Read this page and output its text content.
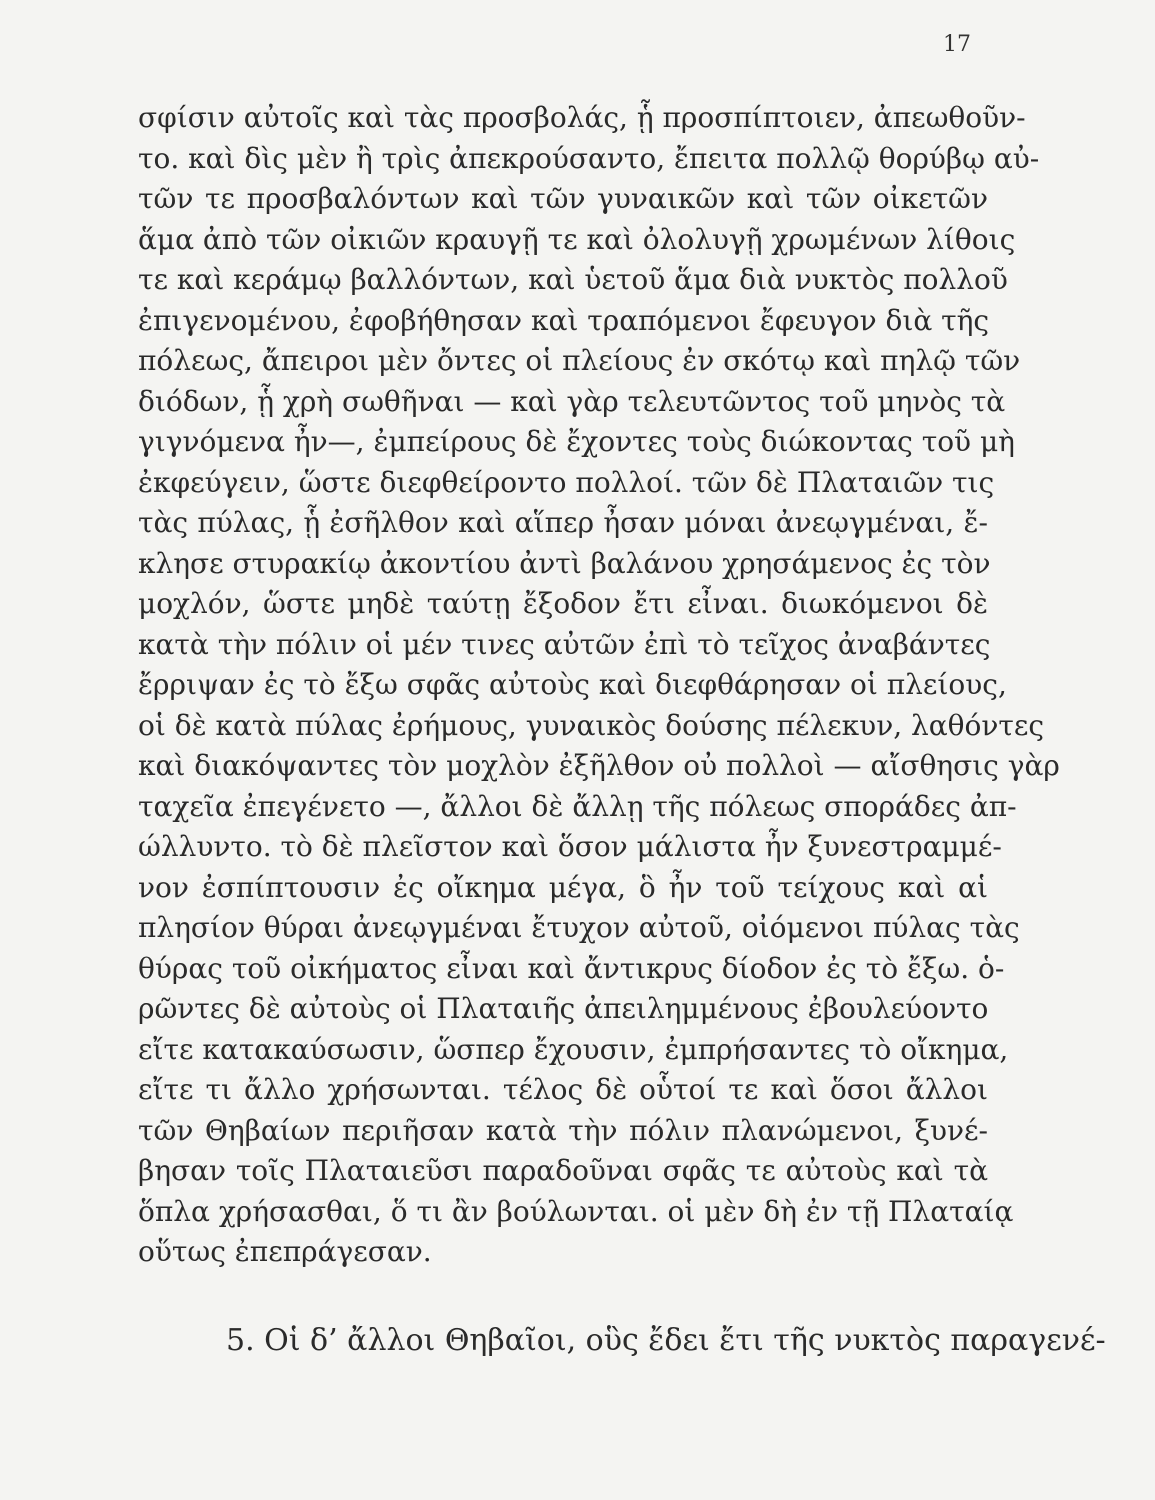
17
σφίσιν αὐτοῖς καὶ τὰς προσβολάς, ᾗ προσπίπτοιεν, ἀπεωθοῦν-
το. καὶ δὶς μὲν ἢ τρὶς ἀπεκρούσαντο, ἔπειτα πολλῷ θορύβῳ αὐ-
τῶν τε προσβαλόντων καὶ τῶν γυναικῶν καὶ τῶν οἰκετῶν
ἅμα ἀπὸ τῶν οἰκιῶν κραυγῇ τε καὶ ὀλολυγῇ χρωμένων λίθοις
τε καὶ κεράμῳ βαλλόντων, καὶ ὑετοῦ ἅμα διὰ νυκτὸς πολλοῦ
ἐπιγενομένου, ἐφοβήθησαν καὶ τραπόμενοι ἔφευγον διὰ τῆς
πόλεως, ἄπειροι μὲν ὄντες οἱ πλείους ἐν σκότῳ καὶ πηλῷ τῶν
διόδων, ᾗ χρὴ σωθῆναι — καὶ γὰρ τελευτῶντος τοῦ μηνὸς τὰ
γιγνόμενα ἦν—, ἐμπείρους δὲ ἔχοντες τοὺς διώκοντας τοῦ μὴ
ἐκφεύγειν, ὥστε διεφθείροντο πολλοί. τῶν δὲ Πλαταιῶν τις
τὰς πύλας, ᾗ ἐσῆλθον καὶ αἵπερ ἦσαν μόναι ἀνεῳγμέναι, ἔ-
κλησε στυρακίῳ ἀκοντίου ἀντὶ βαλάνου χρησάμενος ἐς τὸν
μοχλόν, ὥστε μηδὲ ταύτῃ ἔξοδον ἔτι εἶναι. διωκόμενοι δὲ
κατὰ τὴν πόλιν οἱ μέν τινες αὐτῶν ἐπὶ τὸ τεῖχος ἀναβάντες
ἔρριψαν ἐς τὸ ἔξω σφᾶς αὐτοὺς καὶ διεφθάρησαν οἱ πλείους,
οἱ δὲ κατὰ πύλας ἐρήμους, γυναικὸς δούσης πέλεκυν, λαθόντες
καὶ διακόψαντες τὸν μοχλὸν ἐξῆλθον οὐ πολλοὶ — αἴσθησις γὰρ
ταχεῖα ἐπεγένετο —, ἄλλοι δὲ ἄλλῃ τῆς πόλεως σποράδες ἀπ-
ώλλυντο. τὸ δὲ πλεῖστον καὶ ὅσον μάλιστα ἦν ξυνεστραμμέ-
νον ἐσπίπτουσιν ἐς οἴκημα μέγα, ὃ ἦν τοῦ τείχους καὶ αἱ
πλησίον θύραι ἀνεῳγμέναι ἔτυχον αὐτοῦ, οἰόμενοι πύλας τὰς
θύρας τοῦ οἰκήματος εἶναι καὶ ἄντικρυς δίοδον ἐς τὸ ἔξω. ὁ-
ρῶντες δὲ αὐτοὺς οἱ Πλαταιῆς ἀπειλημμένους ἐβουλεύοντο
εἴτε κατακαύσωσιν, ὥσπερ ἔχουσιν, ἐμπρήσαντες τὸ οἴκημα,
εἴτε τι ἄλλο χρήσωνται. τέλος δὲ οὗτοί τε καὶ ὅσοι ἄλλοι
τῶν Θηβαίων περιῆσαν κατὰ τὴν πόλιν πλανώμενοι, ξυνέ-
βησαν τοῖς Πλαταιεῦσι παραδοῦναι σφᾶς τε αὐτοὺς καὶ τὰ
ὅπλα χρήσασθαι, ὅ τι ἂν βούλωνται. οἱ μὲν δὴ ἐν τῇ Πλαταίᾳ
οὕτως ἐπεπράγεσαν.
5. Οἱ δ’ ἄλλοι Θηβαῖοι, οὓς ἔδει ἔτι τῆς νυκτὸς παραγενέ-
